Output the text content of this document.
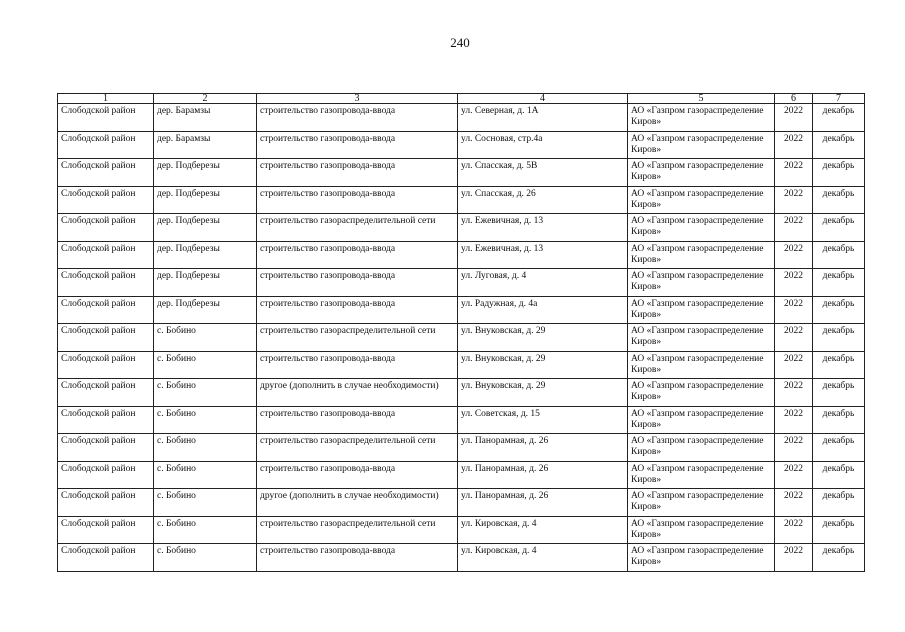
240
1	2	3	4	5	6	7
Слободской район	дер. Барамзы	строительство газопровода-ввода	ул. Северная, д. 1А	АО «Газпром газораспределение Киров»	2022	декабрь
Слободской район	дер. Барамзы	строительство газопровода-ввода	ул. Сосновая, стр.4а	АО «Газпром газораспределение Киров»	2022	декабрь
Слободской район	дер. Подберезы	строительство газопровода-ввода	ул. Спасская, д. 5В	АО «Газпром газораспределение Киров»	2022	декабрь
Слободской район	дер. Подберезы	строительство газопровода-ввода	ул. Спасская, д. 26	АО «Газпром газораспределение Киров»	2022	декабрь
Слободской район	дер. Подберезы	строительство газораспределительной сети	ул. Ежевичная, д. 13	АО «Газпром газораспределение Киров»	2022	декабрь
Слободской район	дер. Подберезы	строительство газопровода-ввода	ул. Ежевичная, д. 13	АО «Газпром газораспределение Киров»	2022	декабрь
Слободской район	дер. Подберезы	строительство газопровода-ввода	ул. Луговая, д. 4	АО «Газпром газораспределение Киров»	2022	декабрь
Слободской район	дер. Подберезы	строительство газопровода-ввода	ул. Радужная, д. 4а	АО «Газпром газораспределение Киров»	2022	декабрь
Слободской район	с. Бобино	строительство газораспределительной сети	ул. Внуковская, д. 29	АО «Газпром газораспределение Киров»	2022	декабрь
Слободской район	с. Бобино	строительство газопровода-ввода	ул. Внуковская, д. 29	АО «Газпром газораспределение Киров»	2022	декабрь
Слободской район	с. Бобино	другое (дополнить в случае необходимости)	ул. Внуковская, д. 29	АО «Газпром газораспределение Киров»	2022	декабрь
Слободской район	с. Бобино	строительство газопровода-ввода	ул. Советская, д. 15	АО «Газпром газораспределение Киров»	2022	декабрь
Слободской район	с. Бобино	строительство газораспределительной сети	ул. Панорамная, д. 26	АО «Газпром газораспределение Киров»	2022	декабрь
Слободской район	с. Бобино	строительство газопровода-ввода	ул. Панорамная, д. 26	АО «Газпром газораспределение Киров»	2022	декабрь
Слободской район	с. Бобино	другое (дополнить в случае необходимости)	ул. Панорамная, д. 26	АО «Газпром газораспределение Киров»	2022	декабрь
Слободской район	с. Бобино	строительство газораспределительной сети	ул. Кировская, д. 4	АО «Газпром газораспределение Киров»	2022	декабрь
Слободской район	с. Бобино	строительство газопровода-ввода	ул. Кировская, д. 4	АО «Газпром газораспределение Киров»	2022	декабрь
